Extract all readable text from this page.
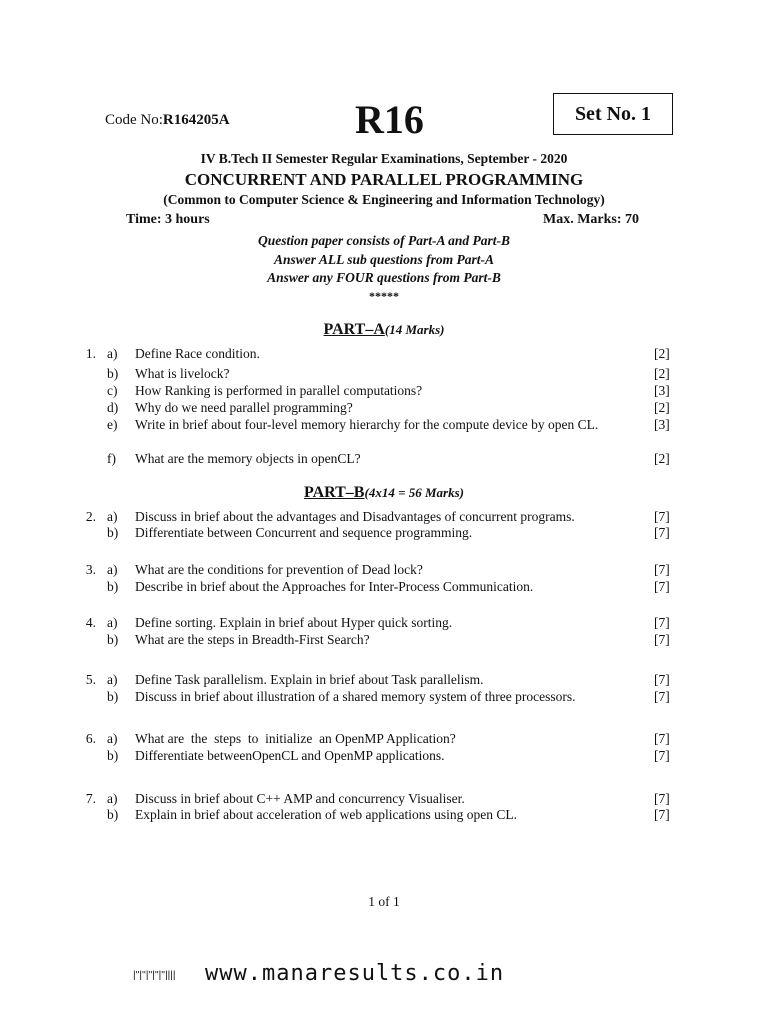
Code No:R164205A	R16	Set No. 1
IV B.Tech II Semester Regular Examinations, September - 2020
CONCURRENT AND PARALLEL PROGRAMMING
(Common to Computer Science & Engineering and Information Technology)
Time: 3 hours	Max. Marks: 70
Question paper consists of Part-A and Part-B
Answer ALL sub questions from Part-A
Answer any FOUR questions from Part-B
*****
PART–A(14 Marks)
1. a) Define Race condition.	[2]
b) What is livelock?	[2]
c) How Ranking is performed in parallel computations?	[3]
d) Why do we need parallel programming?	[2]
e) Write in brief about four-level memory hierarchy for the compute device by open CL.	[3]
f) What are the memory objects in openCL?	[2]
PART–B(4x14 = 56 Marks)
2. a) Discuss in brief about the advantages and Disadvantages of concurrent programs.	[7]
b) Differentiate between Concurrent and sequence programming.	[7]
3. a) What are the conditions for prevention of Dead lock?	[7]
b) Describe in brief about the Approaches for Inter-Process Communication.	[7]
4. a) Define sorting. Explain in brief about Hyper quick sorting.	[7]
b) What are the steps in Breadth-First Search?	[7]
5. a) Define Task parallelism. Explain in brief about Task parallelism.	[7]
b) Discuss in brief about illustration of a shared memory system of three processors.	[7]
6. a) What are  the  steps  to  initialize  an OpenMP Application?	[7]
b) Differentiate betweenOpenCL and OpenMP applications.	[7]
7. a) Discuss in brief about C++ AMP and concurrency Visualiser.	[7]
b) Explain in brief about acceleration of web applications using open CL.	[7]
1 of 1
|''|''|''|''|''|||| www.manaresults.co.in
